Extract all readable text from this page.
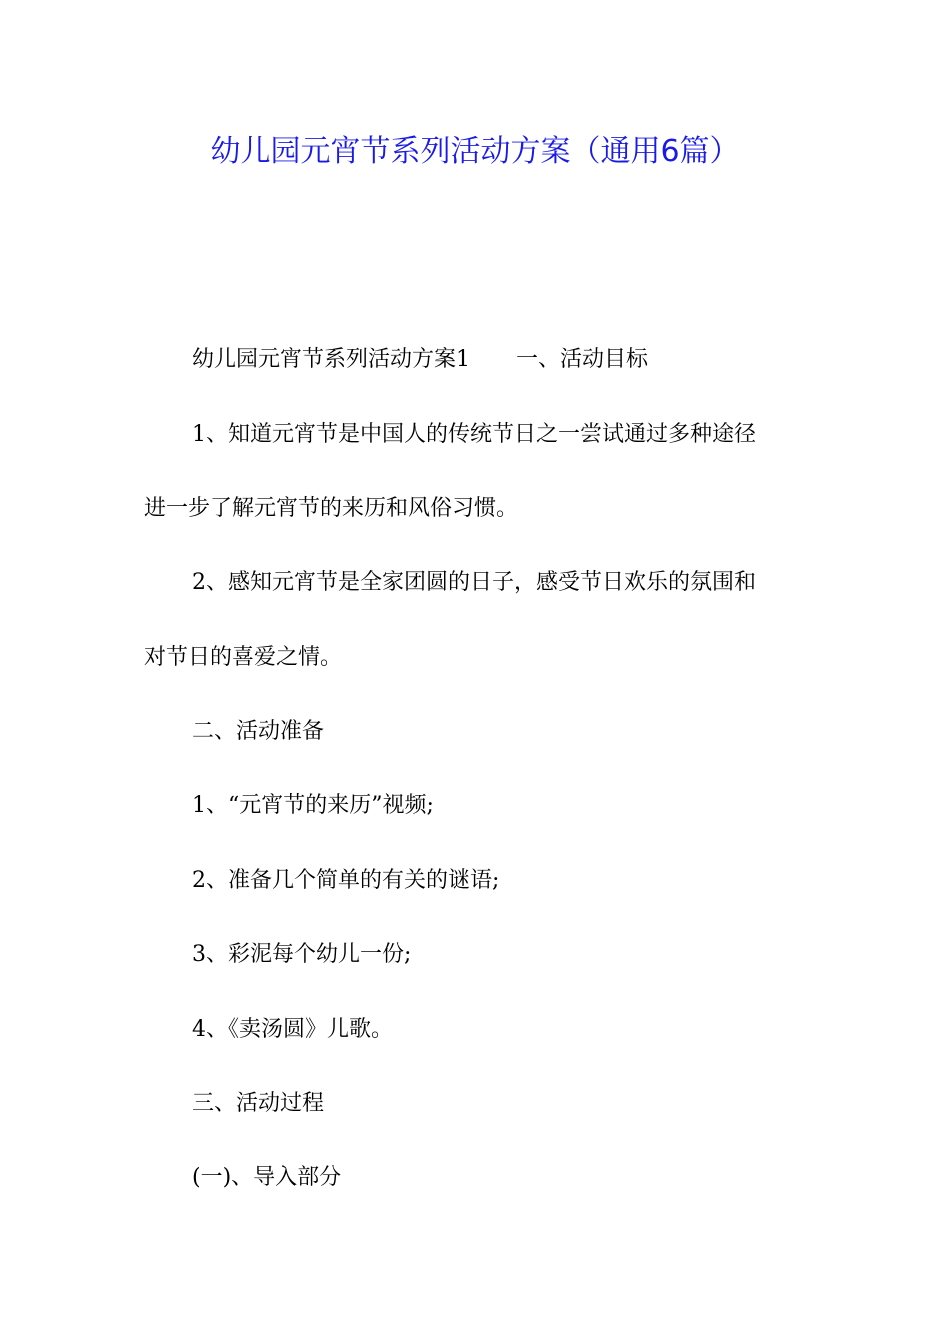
幼儿园元宵节系列活动方案（通用6篇）

幼儿园元宵节系列活动方案1 一、活动目标

1、知道元宵节是中国人的传统节日之一尝试通过多种途径

进一步了解元宵节的来历和风俗习惯。

2、感知元宵节是全家团圆的日子，感受节日欢乐的氛围和

对节日的喜爱之情。

二、活动准备

1、“元宵节的来历”视频;

2、准备几个简单的有关的谜语;

3、彩泥每个幼儿一份;

4、《卖汤圆》儿歌。

三、活动过程

(一)、导入部分
